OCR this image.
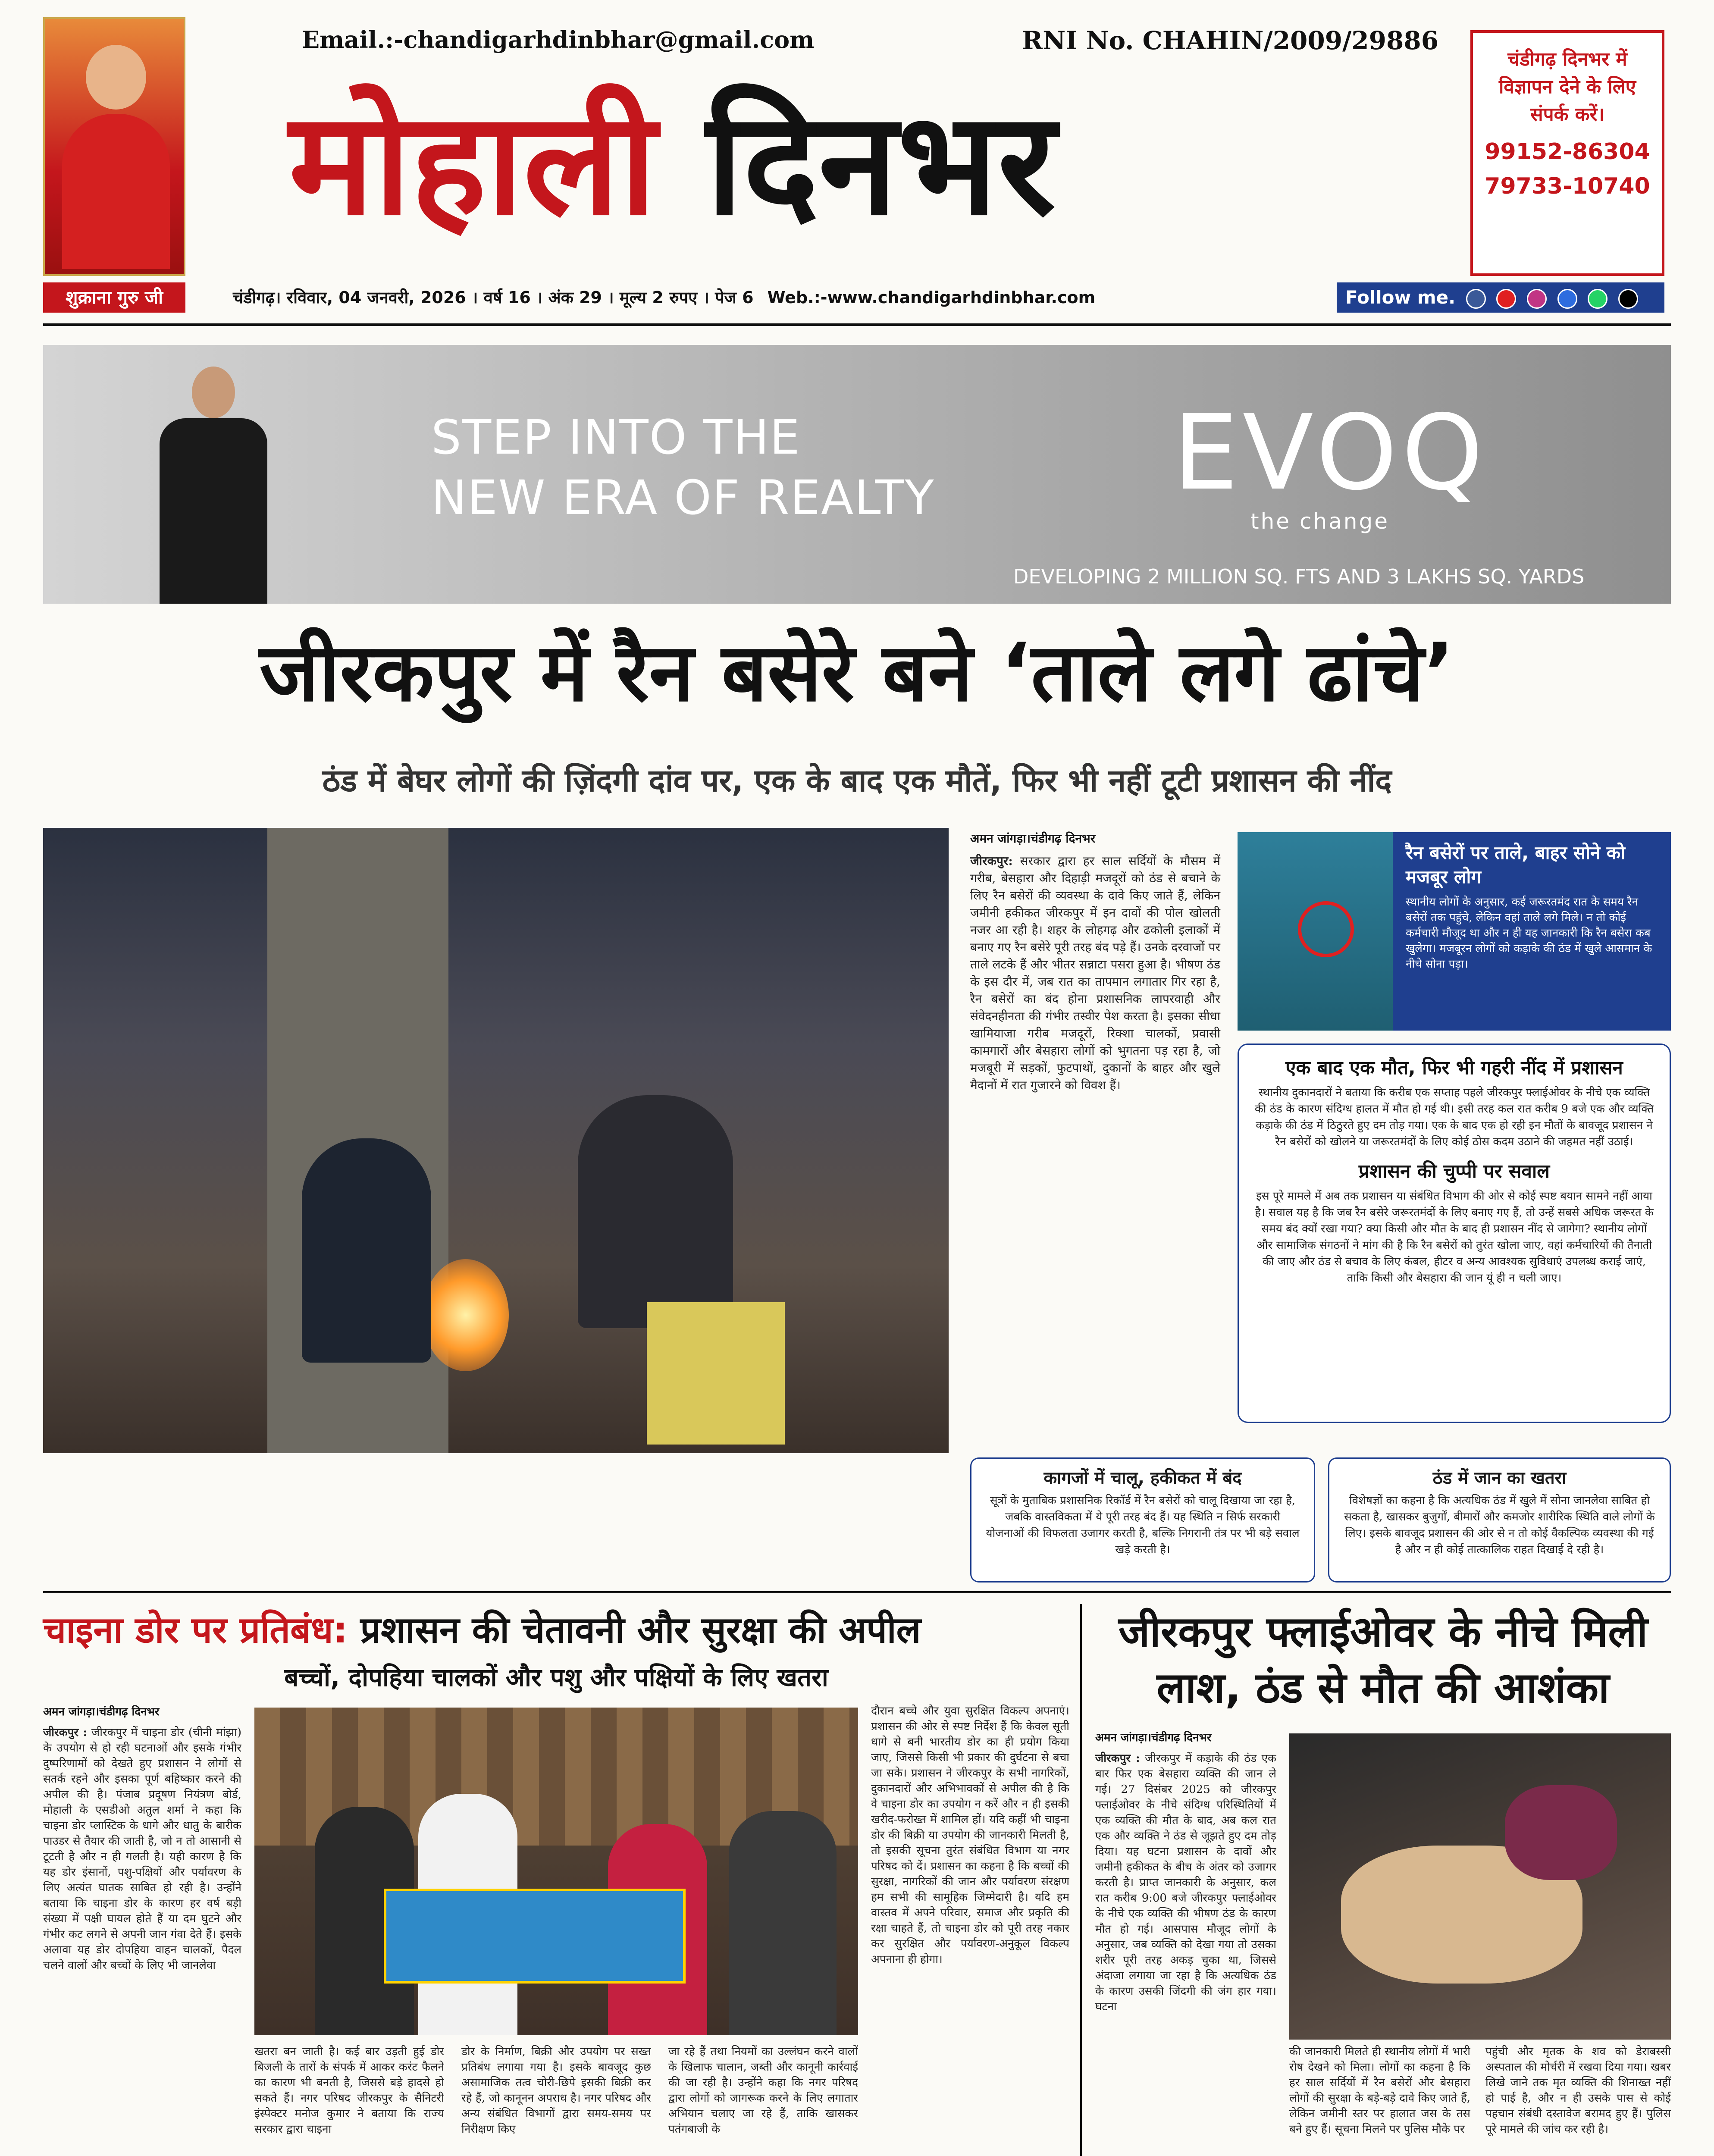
शुक्राना गुरु जी
Email.:-chandigarhdinbhar@gmail.com	RNI No. CHAHIN/2009/29886
मोहाली दिनभर
चंडीगढ़ दिनभर में विज्ञापन देने के लिए संपर्क करें।
99152-86304
79733-10740
चंडीगढ़। रविवार, 04 जनवरी, 2026 । वर्ष 16 । अंक 29 । मूल्य 2 रुपए । पेज 6 Web.:-www.chandigarhdinbhar.com	Follow me.
STEP INTO THE
NEW ERA OF REALTY EVOQ
the change
DEVELOPING 2 MILLION SQ. FTS AND 3 LAKHS SQ. YARDS
जीरकपुर में रैन बसेरे बने ‘ताले लगे ढांचे’
ठंड में बेघर लोगों की ज़िंदगी दांव पर, एक के बाद एक मौतें, फिर भी नहीं टूटी प्रशासन की नींद
अमन जांगड़ा।चंडीगढ़ दिनभर
जीरकपुर: सरकार द्वारा हर साल सर्दियों के मौसम में गरीब, बेसहारा और दिहाड़ी मजदूरों को ठंड से बचाने के लिए रैन बसेरों की व्यवस्था के दावे किए जाते हैं, लेकिन जमीनी हकीकत जीरकपुर में इन दावों की पोल खोलती नजर आ रही है। शहर के लोहगढ़ और ढकोली इलाकों में बनाए गए रैन बसेरे पूरी तरह बंद पड़े हैं। उनके दरवाजों पर ताले लटके हैं और भीतर सन्नाटा पसरा हुआ है। भीषण ठंड के इस दौर में, जब रात का तापमान लगातार गिर रहा है, रैन बसेरों का बंद होना प्रशासनिक लापरवाही और संवेदनहीनता की गंभीर तस्वीर पेश करता है। इसका सीधा खामियाजा गरीब मजदूरों, रिक्शा चालकों, प्रवासी कामगारों और बेसहारा लोगों को भुगतना पड़ रहा है, जो मजबूरी में सड़कों, फुटपाथों, दुकानों के बाहर और खुले मैदानों में रात गुजारने को विवश हैं।
रैन बसेरों पर ताले, बाहर सोने को मजबूर लोग
स्थानीय लोगों के अनुसार, कई जरूरतमंद रात के समय रैन बसेरों तक पहुंचे, लेकिन वहां ताले लगे मिले। न तो कोई कर्मचारी मौजूद था और न ही यह जानकारी कि रैन बसेरा कब खुलेगा। मजबूरन लोगों को कड़ाके की ठंड में खुले आसमान के नीचे सोना पड़ा।
एक बाद एक मौत, फिर भी गहरी नींद में प्रशासन
स्थानीय दुकानदारों ने बताया कि करीब एक सप्ताह पहले जीरकपुर फ्लाईओवर के नीचे एक व्यक्ति की ठंड के कारण संदिग्ध हालत में मौत हो गई थी। इसी तरह कल रात करीब 9 बजे एक और व्यक्ति कड़ाके की ठंड में ठिठुरते हुए दम तोड़ गया। एक के बाद एक हो रही इन मौतों के बावजूद प्रशासन ने रैन बसेरों को खोलने या जरूरतमंदों के लिए कोई ठोस कदम उठाने की जहमत नहीं उठाई।
प्रशासन की चुप्पी पर सवाल
इस पूरे मामले में अब तक प्रशासन या संबंधित विभाग की ओर से कोई स्पष्ट बयान सामने नहीं आया है। सवाल यह है कि जब रैन बसेरे जरूरतमंदों के लिए बनाए गए हैं, तो उन्हें सबसे अधिक जरूरत के समय बंद क्यों रखा गया? क्या किसी और मौत के बाद ही प्रशासन नींद से जागेगा? स्थानीय लोगों और सामाजिक संगठनों ने मांग की है कि रैन बसेरों को तुरंत खोला जाए, वहां कर्मचारियों की तैनाती की जाए और ठंड से बचाव के लिए कंबल, हीटर व अन्य आवश्यक सुविधाएं उपलब्ध कराई जाएं, ताकि किसी और बेसहारा की जान यूं ही न चली जाए।
कागजों में चालू, हकीकत में बंद
सूत्रों के मुताबिक प्रशासनिक रिकॉर्ड में रैन बसेरों को चालू दिखाया जा रहा है, जबकि वास्तविकता में ये पूरी तरह बंद हैं। यह स्थिति न सिर्फ सरकारी योजनाओं की विफलता उजागर करती है, बल्कि निगरानी तंत्र पर भी बड़े सवाल खड़े करती है।
ठंड में जान का खतरा
विशेषज्ञों का कहना है कि अत्यधिक ठंड में खुले में सोना जानलेवा साबित हो सकता है, खासकर बुजुर्गों, बीमारों और कमजोर शारीरिक स्थिति वाले लोगों के लिए। इसके बावजूद प्रशासन की ओर से न तो कोई वैकल्पिक व्यवस्था की गई है और न ही कोई तात्कालिक राहत दिखाई दे रही है।
चाइना डोर पर प्रतिबंध: प्रशासन की चेतावनी और सुरक्षा की अपील
बच्चों, दोपहिया चालकों और पशु और पक्षियों के लिए खतरा
अमन जांगड़ा।चंडीगढ़ दिनभर
जीरकपुर : जीरकपुर में चाइना डोर (चीनी मांझा) के उपयोग से हो रही घटनाओं और इसके गंभीर दुष्परिणामों को देखते हुए प्रशासन ने लोगों से सतर्क रहने और इसका पूर्ण बहिष्कार करने की अपील की है। पंजाब प्रदूषण नियंत्रण बोर्ड, मोहाली के एसडीओ अतुल शर्मा ने कहा कि चाइना डोर प्लास्टिक के धागे और धातु के बारीक पाउडर से तैयार की जाती है, जो न तो आसानी से टूटती है और न ही गलती है। यही कारण है कि यह डोर इंसानों, पशु-पक्षियों और पर्यावरण के लिए अत्यंत घातक साबित हो रही है। उन्होंने बताया कि चाइना डोर के कारण हर वर्ष बड़ी संख्या में पक्षी घायल होते हैं या दम घुटने और गंभीर कट लगने से अपनी जान गंवा देते हैं। इसके अलावा यह डोर दोपहिया वाहन चालकों, पैदल चलने वालों और बच्चों के लिए भी जानलेवा
दौरान बच्चे और युवा सुरक्षित विकल्प अपनाएं। प्रशासन की ओर से स्पष्ट निर्देश हैं कि केवल सूती धागे से बनी भारतीय डोर का ही प्रयोग किया जाए, जिससे किसी भी प्रकार की दुर्घटना से बचा जा सके। प्रशासन ने जीरकपुर के सभी नागरिकों, दुकानदारों और अभिभावकों से अपील की है कि वे चाइना डोर का उपयोग न करें और न ही इसकी खरीद-फरोख्त में शामिल हों। यदि कहीं भी चाइना डोर की बिक्री या उपयोग की जानकारी मिलती है, तो इसकी सूचना तुरंत संबंधित विभाग या नगर परिषद को दें। प्रशासन का कहना है कि बच्चों की सुरक्षा, नागरिकों की जान और पर्यावरण संरक्षण हम सभी की सामूहिक जिम्मेदारी है। यदि हम वास्तव में अपने परिवार, समाज और प्रकृति की रक्षा चाहते हैं, तो चाइना डोर को पूरी तरह नकार कर सुरक्षित और पर्यावरण-अनुकूल विकल्प अपनाना ही होगा।
खतरा बन जाती है। कई बार उड़ती हुई डोर बिजली के तारों के संपर्क में आकर करंट फैलने का कारण भी बनती है, जिससे बड़े हादसे हो सकते हैं। नगर परिषद जीरकपुर के सैनिटरी इंस्पेक्टर मनोज कुमार ने बताया कि राज्य सरकार द्वारा चाइना
डोर के निर्माण, बिक्री और उपयोग पर सख्त प्रतिबंध लगाया गया है। इसके बावजूद कुछ असामाजिक तत्व चोरी-छिपे इसकी बिक्री कर रहे हैं, जो कानूनन अपराध है। नगर परिषद और अन्य संबंधित विभागों द्वारा समय-समय पर निरीक्षण किए
जा रहे हैं तथा नियमों का उल्लंघन करने वालों के खिलाफ चालान, जब्ती और कानूनी कार्रवाई की जा रही है। उन्होंने कहा कि नगर परिषद द्वारा लोगों को जागरूक करने के लिए लगातार अभियान चलाए जा रहे हैं, ताकि खासकर पतंगबाजी के
जीरकपुर फ्लाईओवर के नीचे मिली लाश, ठंड से मौत की आशंका
अमन जांगड़ा।चंडीगढ़ दिनभर
जीरकपुर : जीरकपुर में कड़ाके की ठंड एक बार फिर एक बेसहारा व्यक्ति की जान ले गई। 27 दिसंबर 2025 को जीरकपुर फ्लाईओवर के नीचे संदिग्ध परिस्थितियों में एक व्यक्ति की मौत के बाद, अब कल रात एक और व्यक्ति ने ठंड से जूझते हुए दम तोड़ दिया। यह घटना प्रशासन के दावों और जमीनी हकीकत के बीच के अंतर को उजागर करती है। प्राप्त जानकारी के अनुसार, कल रात करीब 9:00 बजे जीरकपुर फ्लाईओवर के नीचे एक व्यक्ति की भीषण ठंड के कारण मौत हो गई। आसपास मौजूद लोगों के अनुसार, जब व्यक्ति को देखा गया तो उसका शरीर पूरी तरह अकड़ चुका था, जिससे अंदाजा लगाया जा रहा है कि अत्यधिक ठंड के कारण उसकी जिंदगी की जंग हार गया। घटना
की जानकारी मिलते ही स्थानीय लोगों में भारी रोष देखने को मिला। लोगों का कहना है कि हर साल सर्दियों में रैन बसेरों और बेसहारा लोगों की सुरक्षा के बड़े-बड़े दावे किए जाते हैं, लेकिन जमीनी स्तर पर हालात जस के तस बने हुए हैं। सूचना मिलने पर पुलिस मौके पर
पहुंची और मृतक के शव को डेराबस्सी अस्पताल की मोर्चरी में रखवा दिया गया। खबर लिखे जाने तक मृत व्यक्ति की शिनाख्त नहीं हो पाई है, और न ही उसके पास से कोई पहचान संबंधी दस्तावेज बरामद हुए हैं। पुलिस पूरे मामले की जांच कर रही है।
